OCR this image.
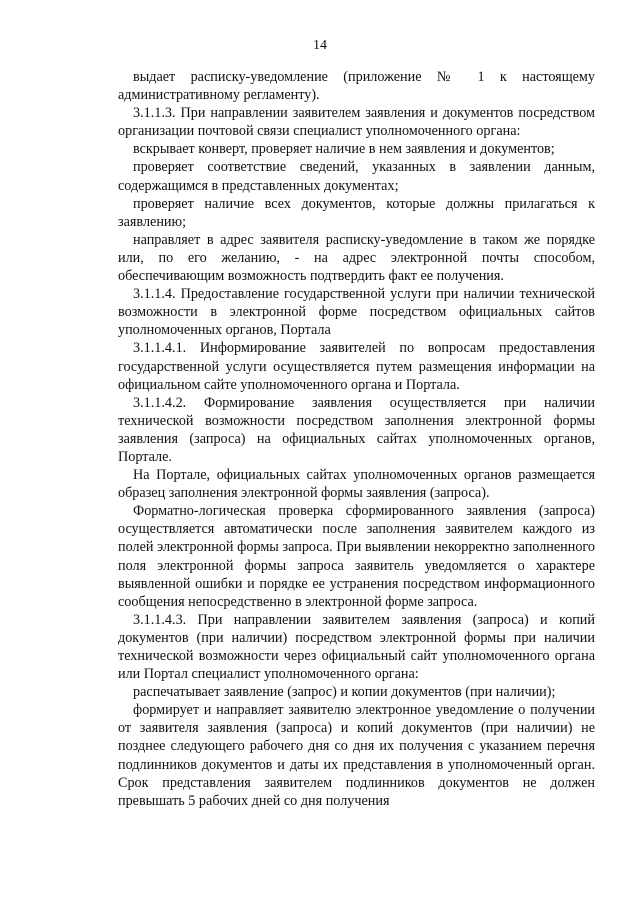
14

выдает расписку-уведомление (приложение № 1 к настоящему административному регламенту).

3.1.1.3. При направлении заявителем заявления и документов посредством организации почтовой связи специалист уполномоченного органа:

вскрывает конверт, проверяет наличие в нем заявления и документов;

проверяет соответствие сведений, указанных в заявлении данным, содержащимся в представленных документах;

проверяет наличие всех документов, которые должны прилагаться к заявлению;

направляет в адрес заявителя расписку-уведомление в таком же порядке или, по его желанию, - на адрес электронной почты способом, обеспечивающим возможность подтвердить факт ее получения.

3.1.1.4. Предоставление государственной услуги при наличии технической возможности в электронной форме посредством официальных сайтов уполномоченных органов, Портала

3.1.1.4.1. Информирование заявителей по вопросам предоставления государственной услуги осуществляется путем размещения информации на официальном сайте уполномоченного органа и Портала.

3.1.1.4.2. Формирование заявления осуществляется при наличии технической возможности посредством заполнения электронной формы заявления (запроса) на официальных сайтах уполномоченных органов, Портале.

На Портале, официальных сайтах уполномоченных органов размещается образец заполнения электронной формы заявления (запроса).

Форматно-логическая проверка сформированного заявления (запроса) осуществляется автоматически после заполнения заявителем каждого из полей электронной формы запроса. При выявлении некорректно заполненного поля электронной формы запроса заявитель уведомляется о характере выявленной ошибки и порядке ее устранения посредством информационного сообщения непосредственно в электронной форме запроса.

3.1.1.4.3. При направлении заявителем заявления (запроса) и копий документов (при наличии) посредством электронной формы при наличии технической возможности через официальный сайт уполномоченного органа или Портал специалист уполномоченного органа:

распечатывает заявление (запрос) и копии документов (при наличии);

формирует и направляет заявителю электронное уведомление о получении от заявителя заявления (запроса) и копий документов (при наличии) не позднее следующего рабочего дня со дня их получения с указанием перечня подлинников документов и даты их представления в уполномоченный орган. Срок представления заявителем подлинников документов не должен превышать 5 рабочих дней со дня получения
